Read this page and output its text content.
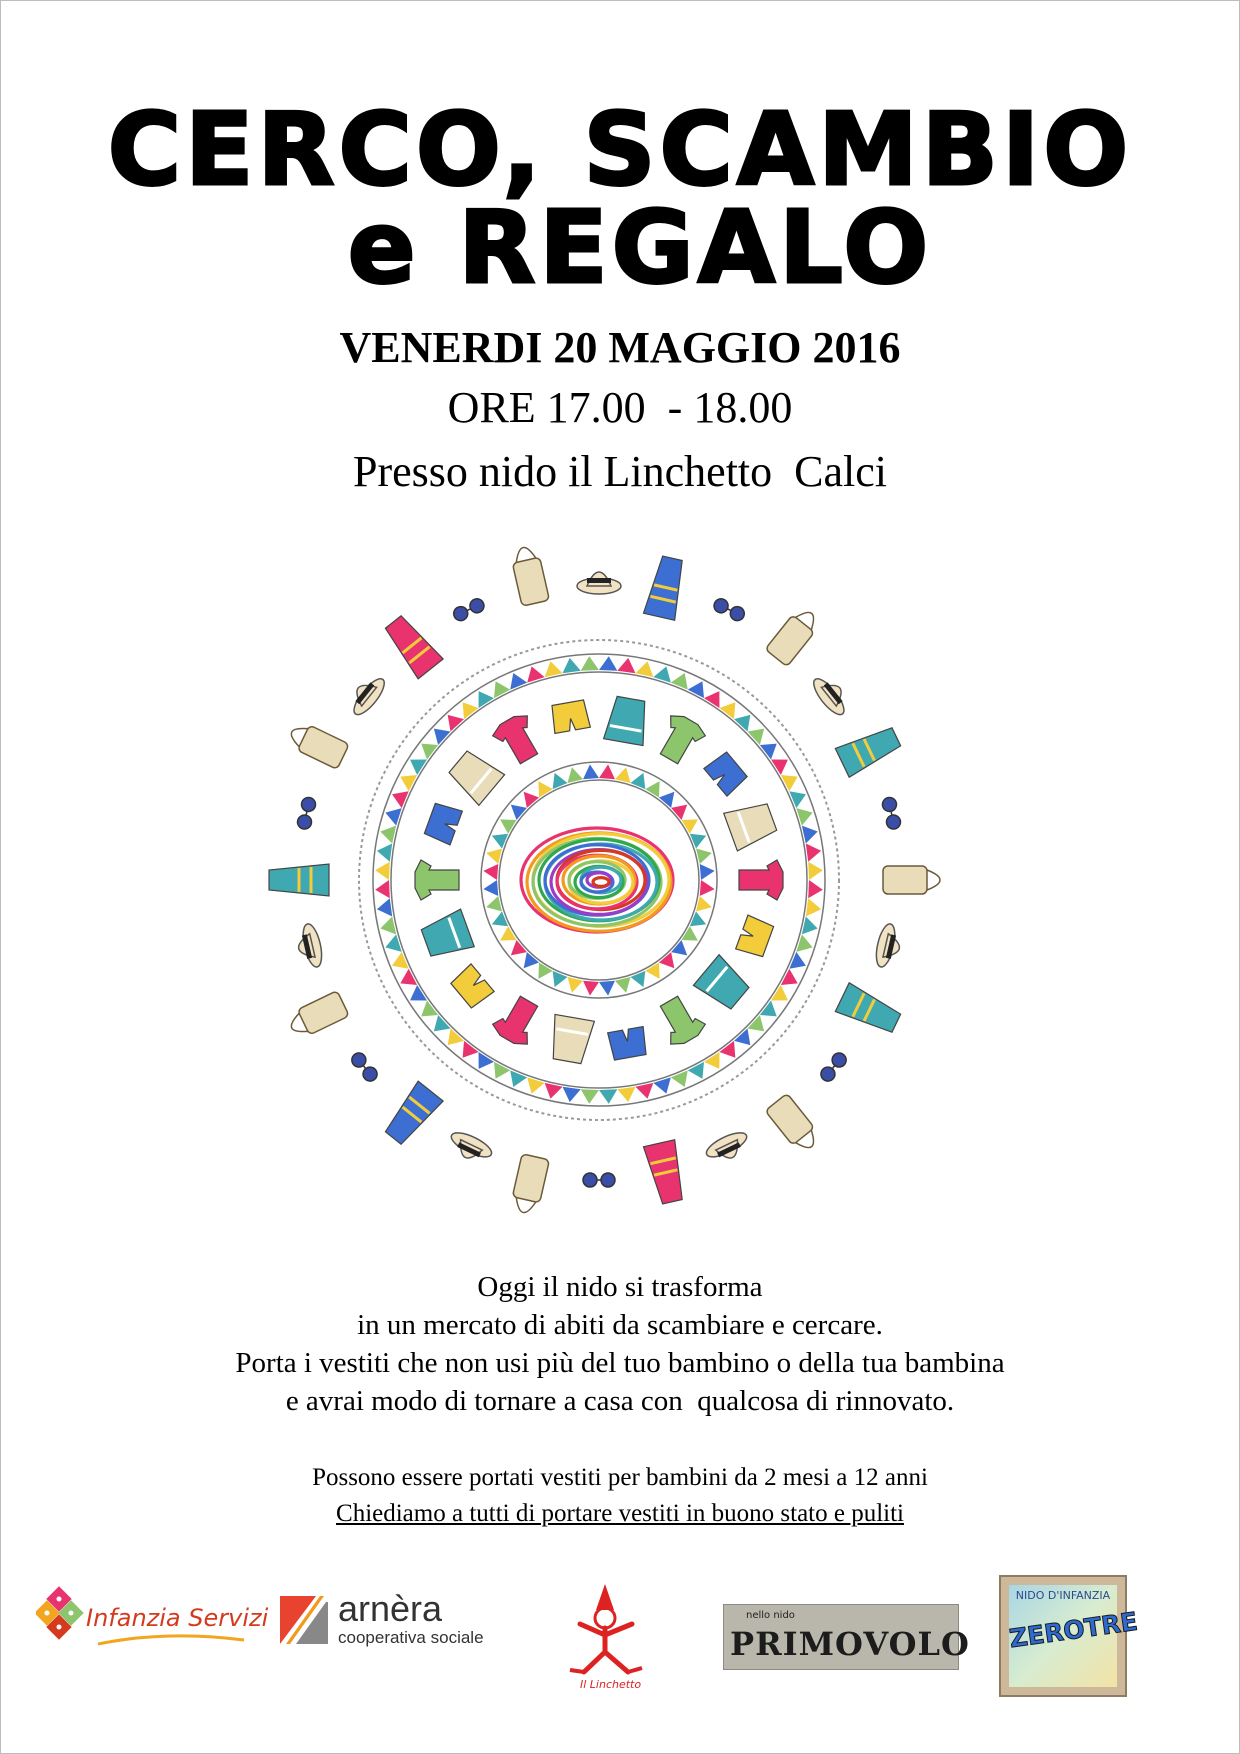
CERCO, SCAMBIO
e REGALO
VENERDI 20 MAGGIO 2016
ORE 17.00  - 18.00
Presso nido il Linchetto  Calci
Oggi il nido si trasforma
in un mercato di abiti da scambiare e cercare.
Porta i vestiti che non usi più del tuo bambino o della tua bambina
e avrai modo di tornare a casa con  qualcosa di rinnovato.
Possono essere portati vestiti per bambini da 2 mesi a 12 anni
Chiediamo a tutti di portare vestiti in buono stato e puliti
Infanzia Servizi arnèra
cooperativa sociale
Il Linchetto
nello nido
PRIMOVOLO
NIDO D'INFANZIA
ZEROTRE
